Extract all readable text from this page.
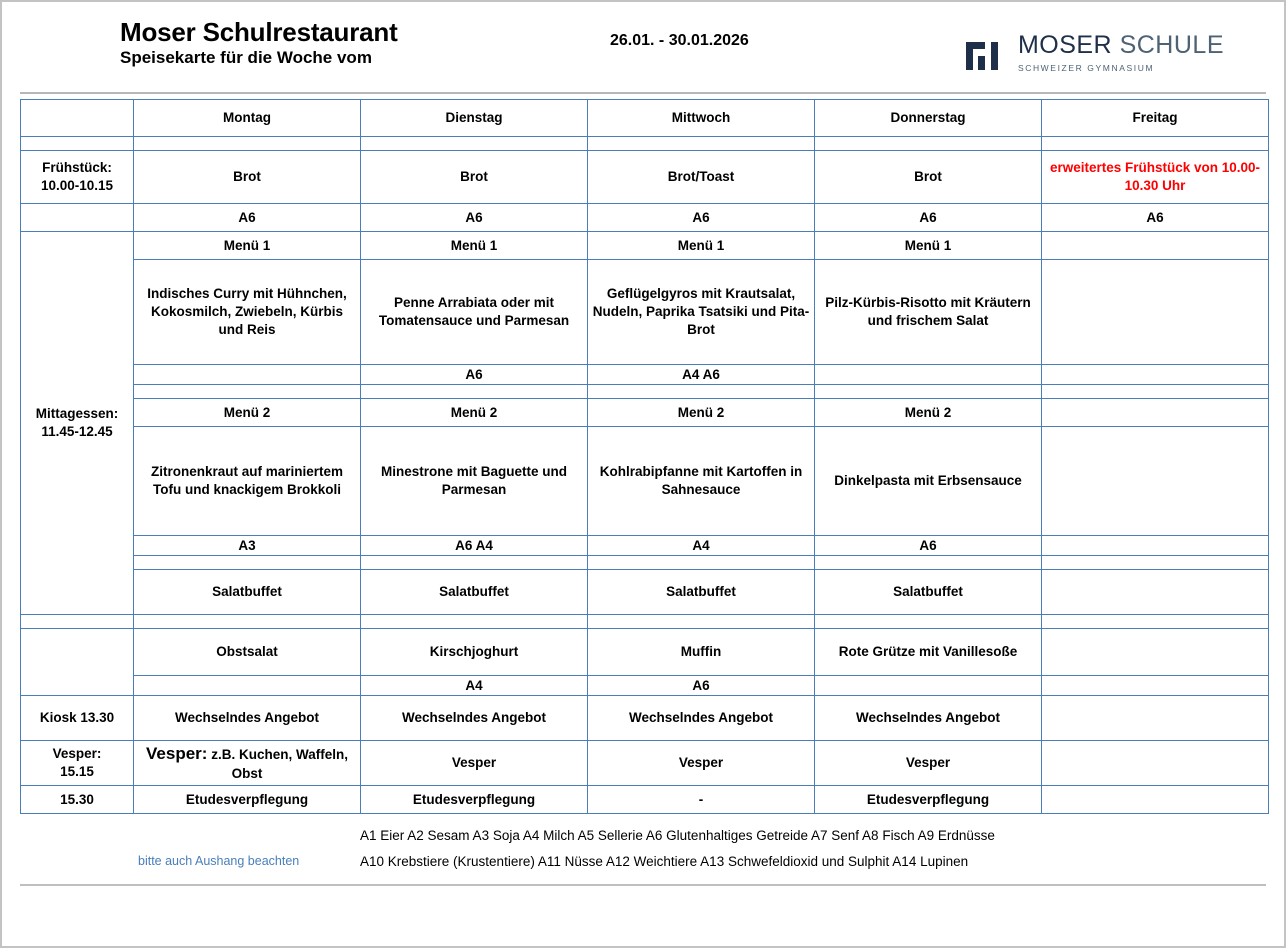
Moser Schulrestaurant
Speisekarte für die Woche vom
26.01. - 30.01.2026	MOSER SCHULE
SCHWEIZER GYMNASIUM
	Montag	Dienstag	Mittwoch	Donnerstag	Freitag

Frühstück:
10.00-10.15	Brot	Brot	Brot/Toast	Brot	erweitertes Frühstück von 10.00-10.30 Uhr
	A6	A6	A6	A6	A6

Mittagessen:
11.45-12.45	Menü 1	Menü 1	Menü 1	Menü 1	
	Indisches Curry mit Hühnchen, Kokosmilch, Zwiebeln, Kürbis und Reis	Penne Arrabiata oder mit Tomatensauce und Parmesan	Geflügelgyros mit Krautsalat, Nudeln, Paprika Tsatsiki und Pita-Brot	Pilz-Kürbis-Risotto mit Kräutern und frischem Salat	
		A6	A4 A6		

	Menü 2	Menü 2	Menü 2	Menü 2	
	Zitronenkraut auf mariniertem Tofu und knackigem Brokkoli	Minestrone mit Baguette und Parmesan	Kohlrabipfanne mit Kartoffen in Sahnesauce	Dinkelpasta mit Erbsensauce	
	A3	A6 A4	A4	A6	

	Salatbuffet	Salatbuffet	Salatbuffet	Salatbuffet	

	Obstsalat	Kirschjoghurt	Muffin	Rote Grütze mit Vanillesoße	
		A4	A6		
Kiosk 13.30	Wechselndes Angebot	Wechselndes Angebot	Wechselndes Angebot	Wechselndes Angebot	

Vesper:
15.15	Vesper: z.B. Kuchen, Waffeln, Obst	Vesper	Vesper	Vesper	
15.30	Etudesverpflegung	Etudesverpflegung	-	Etudesverpflegung	
bitte auch Aushang beachten
A1 Eier A2 Sesam A3 Soja A4 Milch A5 Sellerie A6 Glutenhaltiges Getreide A7 Senf A8 Fisch A9 Erdnüsse
A10 Krebstiere (Krustentiere) A11 Nüsse A12 Weichtiere A13 Schwefeldioxid und Sulphit A14 Lupinen
